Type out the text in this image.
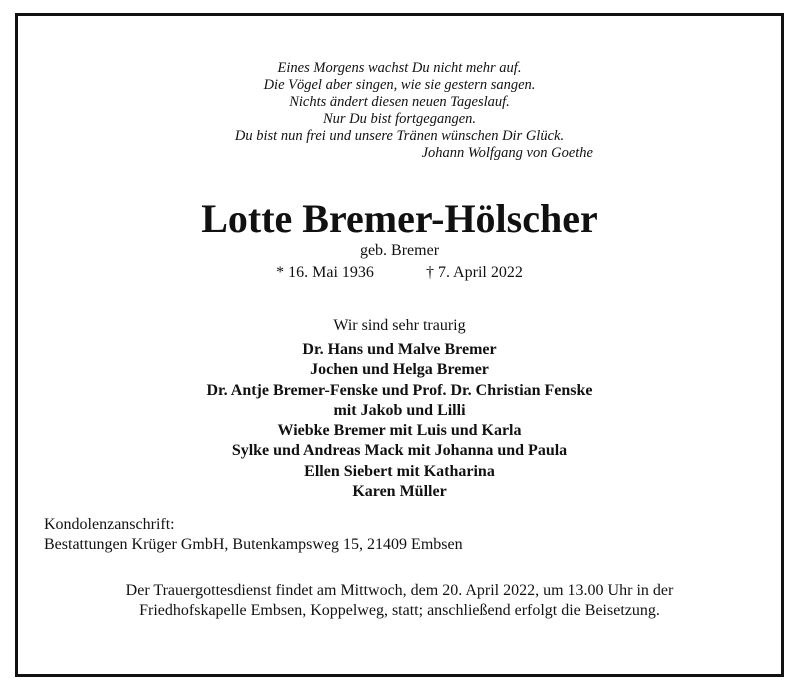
Eines Morgens wachst Du nicht mehr auf.
Die Vögel aber singen, wie sie gestern sangen.
Nichts ändert diesen neuen Tageslauf.
Nur Du bist fortgegangen.
Du bist nun frei und unsere Tränen wünschen Dir Glück.
Johann Wolfgang von Goethe
Lotte Bremer-Hölscher
geb. Bremer
* 16. Mai 1936	† 7. April 2022
Wir sind sehr traurig
Dr. Hans und Malve Bremer
Jochen und Helga Bremer
Dr. Antje Bremer-Fenske und Prof. Dr. Christian Fenske
mit Jakob und Lilli
Wiebke Bremer mit Luis und Karla
Sylke und Andreas Mack mit Johanna und Paula
Ellen Siebert mit Katharina
Karen Müller
Kondolenzanschrift:
Bestattungen Krüger GmbH, Butenkampsweg 15, 21409 Embsen
Der Trauergottesdienst findet am Mittwoch, dem 20. April 2022, um 13.00 Uhr in der
Friedhofskapelle Embsen, Koppelweg, statt; anschließend erfolgt die Beisetzung.
